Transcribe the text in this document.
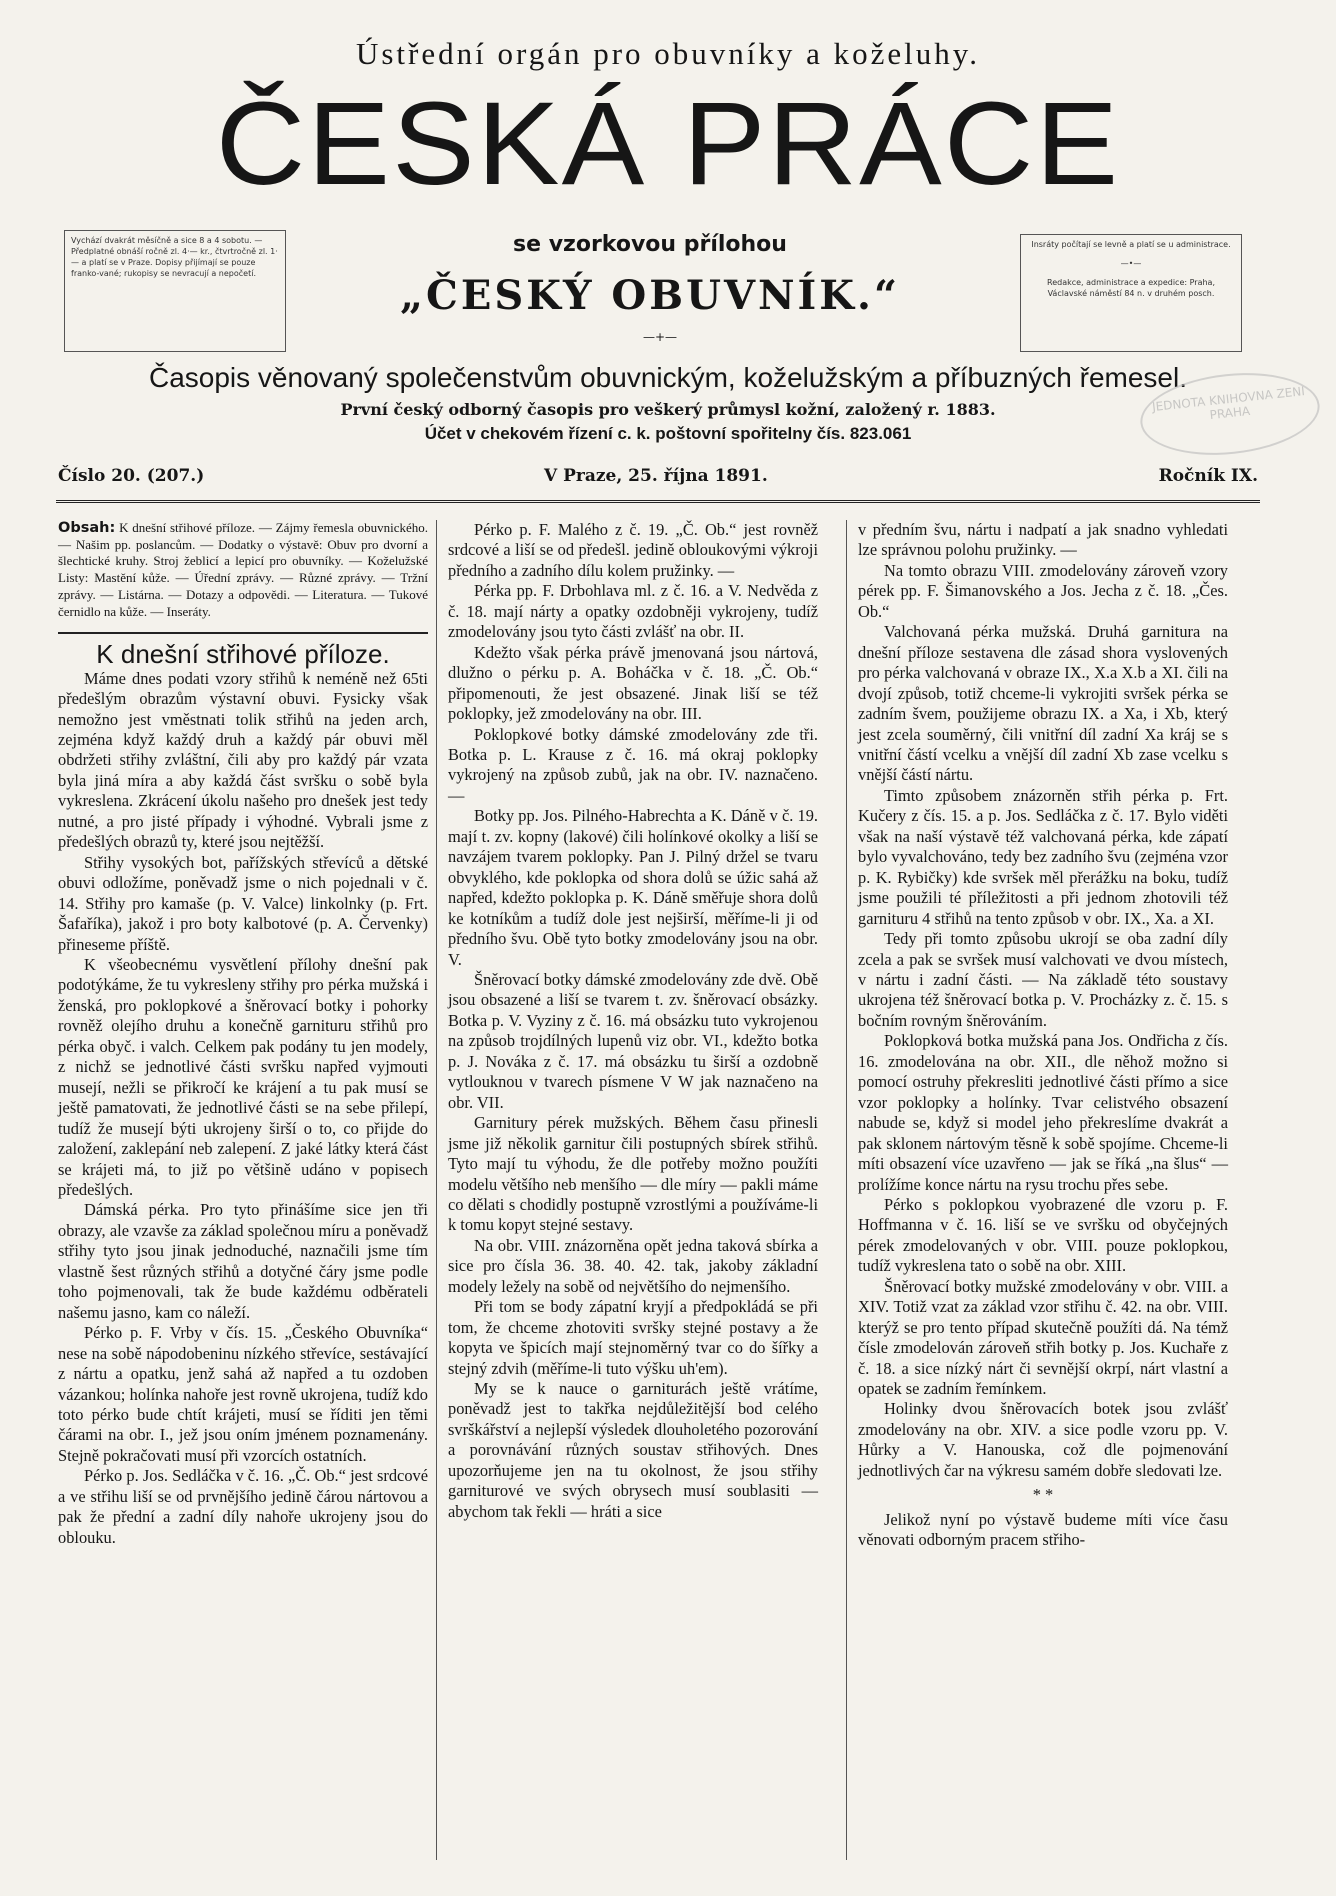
Ústřední orgán pro obuvníky a koželuhy.
ČESKÁ PRÁCE
Vychází dvakrát měsíčně a sice 8 a 4 sobotu. — Předplatné obnáší ročně zl. 4·— kr., čtvrtročně zl. 1·— a platí se v Praze. Dopisy přijímají se pouze franko-vané; rukopisy se nevracují a nepočetí.
Insráty počítají se levně a platí se u administrace.
—•—
Redakce, administrace a expedice: Praha, Václavské náměstí 84 n. v druhém posch.
se vzorkovou přílohou
„ČESKÝ OBUVNÍK.“
—+—
Časopis věnovaný společenstvům obuvnickým, koželužským a příbuzných řemesel.
První český odborný časopis pro veškerý průmysl kožní, založený r. 1883.
Účet v chekovém řízení c. k. poštovní spořitelny čís. 823.061
JEDNOTA KNIHOVNA ZENI PRAHA
Číslo 20. (207.)	V Praze, 25. října 1891.	Ročník IX.

Obsah: K dnešní střihové příloze. — Zájmy řemesla obuvnického. — Našim pp. poslancům. — Dodatky o výstavě: Obuv pro dvorní a šlechtické kruhy. Stroj žeblicí a lepicí pro obuvníky. — Koželužské Listy: Mastění kůže. — Úřední zprávy. — Různé zprávy. — Tržní zprávy. — Listárna. — Dotazy a odpovědi. — Literatura. — Tukové černidlo na kůže. — Inseráty.

K dnešní střihové příloze.

Máme dnes podati vzory střihů k neméně než 65ti předešlým obrazům výstavní obuvi. Fysicky však nemožno jest vměstnati tolik střihů na jeden arch, zejména když každý druh a každý pár obuvi měl obdržeti střihy zvláštní, čili aby pro každý pár vzata byla jiná míra a aby každá část svršku o sobě byla vykreslena. Zkrácení úkolu našeho pro dnešek jest tedy nutné, a pro jisté případy i výhodné. Vybrali jsme z předešlých obrazů ty, které jsou nejtěžší.

Střihy vysokých bot, pařížských střevíců a dětské obuvi odložíme, poněvadž jsme o nich pojednali v č. 14. Střihy pro kamaše (p. V. Valce) linkolnky (p. Frt. Šafaříka), jakož i pro boty kalbotové (p. A. Červenky) přineseme příště.

K všeobecnému vysvětlení přílohy dnešní pak podotýkáme, že tu vykresleny střihy pro pérka mužská i ženská, pro poklopkové a šněrovací botky i pohorky rovněž olejího druhu a konečně garnituru střihů pro pérka obyč. i valch. Celkem pak podány tu jen modely, z nichž se jednotlivé části svršku napřed vyjmouti musejí, nežli se přikročí ke krájení a tu pak musí se ještě pamatovati, že jednotlivé části se na sebe přilepí, tudíž že musejí býti ukrojeny širší o to, co přijde do založení, zaklepání neb zalepení. Z jaké látky která část se krájeti má, to již po většině udáno v popisech předešlých.

Dámská pérka. Pro tyto přinášíme sice jen tři obrazy, ale vzavše za základ společnou míru a poněvadž střihy tyto jsou jinak jednoduché, naznačili jsme tím vlastně šest různých střihů a dotyčné čáry jsme podle toho pojmenovali, tak že bude každému odběrateli našemu jasno, kam co náleží.

Pérko p. F. Vrby v čís. 15. „Českého Obuvníka“ nese na sobě nápodobeninu nízkého střevíce, sestávající z nártu a opatku, jenž sahá až napřed a tu ozdoben vázankou; holínka nahoře jest rovně ukrojena, tudíž kdo toto pérko bude chtít krájeti, musí se říditi jen těmi čárami na obr. I., jež jsou oním jménem poznamenány. Stejně pokračovati musí při vzorcích ostatních.

Pérko p. Jos. Sedláčka v č. 16. „Č. Ob.“ jest srdcové a ve střihu liší se od prvnějšího jedině čárou nártovou a pak že přední a zadní díly nahoře ukrojeny jsou do oblouku.

Pérko p. F. Malého z č. 19. „Č. Ob.“ jest rovněž srdcové a liší se od předešl. jedině obloukovými výkroji předního a zadního dílu kolem pružinky. —

Pérka pp. F. Drbohlava ml. z č. 16. a V. Nedvěda z č. 18. mají nárty a opatky ozdobněji vykrojeny, tudíž zmodelovány jsou tyto části zvlášť na obr. II.

Kdežto však pérka právě jmenovaná jsou nártová, dlužno o pérku p. A. Boháčka v č. 18. „Č. Ob.“ připomenouti, že jest obsazené. Jinak liší se též poklopky, jež zmodelovány na obr. III.

Poklopkové botky dámské zmodelovány zde tři. Botka p. L. Krause z č. 16. má okraj poklopky vykrojený na způsob zubů, jak na obr. IV. naznačeno. —

Botky pp. Jos. Pilného-Habrechta a K. Dáně v č. 19. mají t. zv. kopny (lakové) čili holínkové okolky a liší se navzájem tvarem poklopky. Pan J. Pilný držel se tvaru obvyklého, kde poklopka od shora dolů se úžic sahá až napřed, kdežto poklopka p. K. Dáně směřuje shora dolů ke kotníkům a tudíž dole jest nejširší, měříme-li ji od předního švu. Obě tyto botky zmodelovány jsou na obr. V.

Šněrovací botky dámské zmodelovány zde dvě. Obě jsou obsazené a liší se tvarem t. zv. šněrovací obsázky. Botka p. V. Vyziny z č. 16. má obsázku tuto vykrojenou na způsob trojdílných lupenů viz obr. VI., kdežto botka p. J. Nováka z č. 17. má obsázku tu širší a ozdobně vytlouknou v tvarech písmene V W jak naznačeno na obr. VII.

Garnitury pérek mužských. Během času přinesli jsme již několik garnitur čili postupných sbírek střihů. Tyto mají tu výhodu, že dle potřeby možno použíti modelu většího neb menšího — dle míry — pakli máme co dělati s chodidly postupně vzrostlými a používáme-li k tomu kopyt stejné sestavy.

Na obr. VIII. znázorněna opět jedna taková sbírka a sice pro čísla 36. 38. 40. 42. tak, jakoby základní modely ležely na sobě od největšího do nejmenšího.

Při tom se body zápatní kryjí a předpokládá se při tom, že chceme zhotoviti svršky stejné postavy a že kopyta ve špicích mají stejnoměrný tvar co do šířky a stejný zdvih (měříme-li tuto výšku uh'em).

My se k nauce o garniturách ještě vrátíme, poněvadž jest to takřka nejdůležitější bod celého svrškářství a nejlepší výsledek dlouholetého pozorování a porovnávání různých soustav střihových. Dnes upozorňujeme jen na tu okolnost, že jsou střihy garniturové ve svých obrysech musí soublasiti — abychom tak řekli — hráti a sice

v předním švu, nártu i nadpatí a jak snadno vyhledati lze správnou polohu pružinky. —

Na tomto obrazu VIII. zmodelovány zároveň vzory pérek pp. F. Šimanovského a Jos. Jecha z č. 18. „Čes. Ob.“

Valchovaná pérka mužská. Druhá garnitura na dnešní příloze sestavena dle zásad shora vyslovených pro pérka valchovaná v obraze IX., X.a X.b a XI. čili na dvojí způsob, totiž chceme-li vykrojiti svršek pérka se zadním švem, použijeme obrazu IX. a Xa, i Xb, který jest zcela souměrný, čili vnitřní díl zadní Xa kráj se s vnitřní částí vcelku a vnější díl zadní Xb zase vcelku s vnější částí nártu.

Timto způsobem znázorněn střih pérka p. Frt. Kučery z čís. 15. a p. Jos. Sedláčka z č. 17. Bylo viděti však na naší výstavě též valchovaná pérka, kde zápatí bylo vyvalchováno, tedy bez zadního švu (zejména vzor p. K. Rybičky) kde svršek měl přerážku na boku, tudíž jsme použili té příležitosti a při jednom zhotovili též garnituru 4 střihů na tento způsob v obr. IX., Xa. a XI.

Tedy při tomto způsobu ukrojí se oba zadní díly zcela a pak se svršek musí valchovati ve dvou místech, v nártu i zadní části. — Na základě této soustavy ukrojena též šněrovací botka p. V. Procházky z. č. 15. s bočním rovným šněrováním.

Poklopková botka mužská pana Jos. Ondřicha z čís. 16. zmodelována na obr. XII., dle něhož možno si pomocí ostruhy překresliti jednotlivé části přímo a sice vzor poklopky a holínky. Tvar celistvého obsazení nabude se, když si model jeho překreslíme dvakrát a pak sklonem nártovým těsně k sobě spojíme. Chceme-li míti obsazení více uzavřeno — jak se říká „na šlus“ — prolížíme konce nártu na rysu trochu přes sebe.

Pérko s poklopkou vyobrazené dle vzoru p. F. Hoffmanna v č. 16. liší se ve svršku od obyčejných pérek zmodelovaných v obr. VIII. pouze poklopkou, tudíž vykreslena tato o sobě na obr. XIII.

Šněrovací botky mužské zmodelovány v obr. VIII. a XIV. Totiž vzat za základ vzor střihu č. 42. na obr. VIII. kterýž se pro tento případ skutečně použíti dá. Na témž čísle zmodelován zároveň střih botky p. Jos. Kuchaře z č. 18. a sice nízký nárt či sevnější okrpí, nárt vlastní a opatek se zadním řemínkem.

Holinky dvou šněrovacích botek jsou zvlášť zmodelovány na obr. XIV. a sice podle vzoru pp. V. Hůrky a V. Hanouska, což dle pojmenování jednotlivých čar na výkresu samém dobře sledovati lze.

* *

Jelikož nyní po výstavě budeme míti více času věnovati odborným pracem střiho-
